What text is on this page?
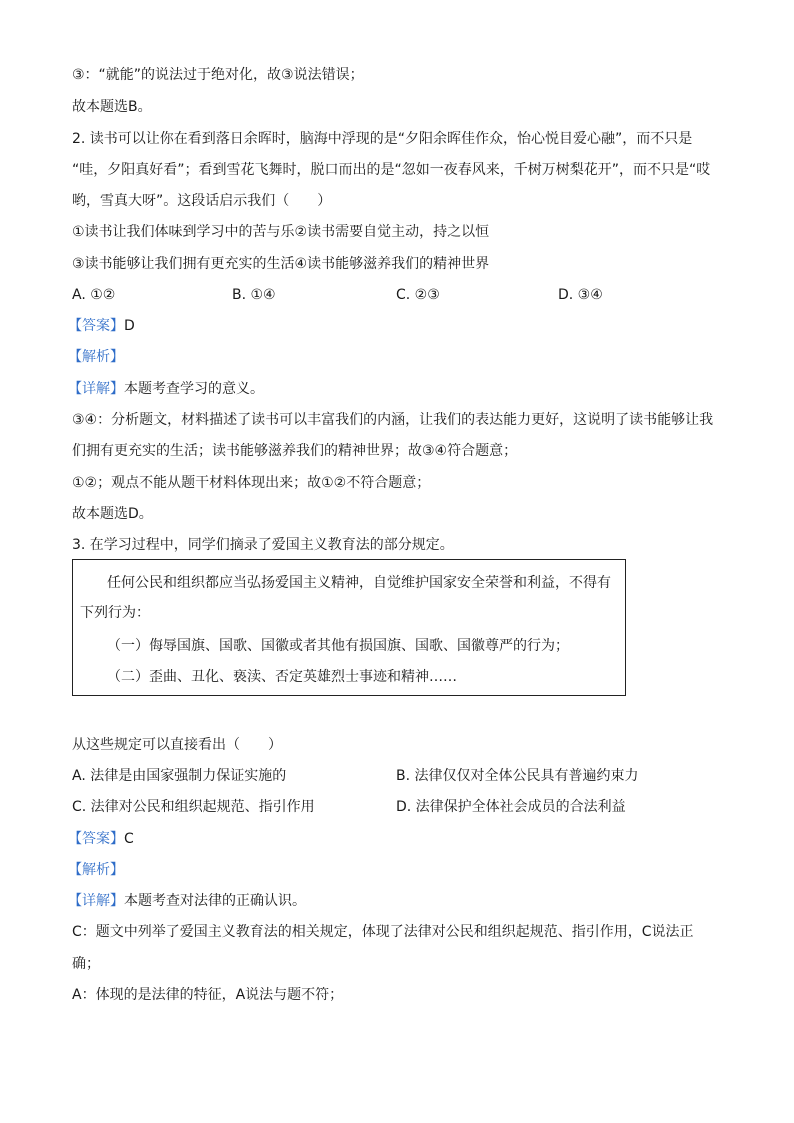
③：“就能”的说法过于绝对化，故③说法错误；
故本题选B。
2. 读书可以让你在看到落日余晖时，脑海中浮现的是“夕阳余晖佳作众，怡心悦目爱心融”，而不只是
“哇，夕阳真好看”；看到雪花飞舞时，脱口而出的是“忽如一夜春风来，千树万树梨花开”，而不只是“哎
哟，雪真大呀”。这段话启示我们（　　）
①读书让我们体味到学习中的苦与乐②读书需要自觉主动，持之以恒
③读书能够让我们拥有更充实的生活④读书能够滋养我们的精神世界
A. ①②	B. ①④	C. ②③	D. ③④
【答案】D
【解析】
【详解】本题考查学习的意义。
③④：分析题文，材料描述了读书可以丰富我们的内涵，让我们的表达能力更好，这说明了读书能够让我
们拥有更充实的生活；读书能够滋养我们的精神世界；故③④符合题意；
①②；观点不能从题干材料体现出来；故①②不符合题意；
故本题选D。
3. 在学习过程中，同学们摘录了爱国主义教育法的部分规定。
任何公民和组织都应当弘扬爱国主义精神，自觉维护国家安全荣誉和利益，不得有
下列行为：
（一）侮辱国旗、国歌、国徽或者其他有损国旗、国歌、国徽尊严的行为；
（二）歪曲、丑化、亵渎、否定英雄烈士事迹和精神……
从这些规定可以直接看出（　　）
A. 法律是由国家强制力保证实施的	B. 法律仅仅对全体公民具有普遍约束力
C. 法律对公民和组织起规范、指引作用	D. 法律保护全体社会成员的合法利益
【答案】C
【解析】
【详解】本题考查对法律的正确认识。
C：题文中列举了爱国主义教育法的相关规定，体现了法律对公民和组织起规范、指引作用，C说法正
确；
A：体现的是法律的特征，A说法与题不符；
